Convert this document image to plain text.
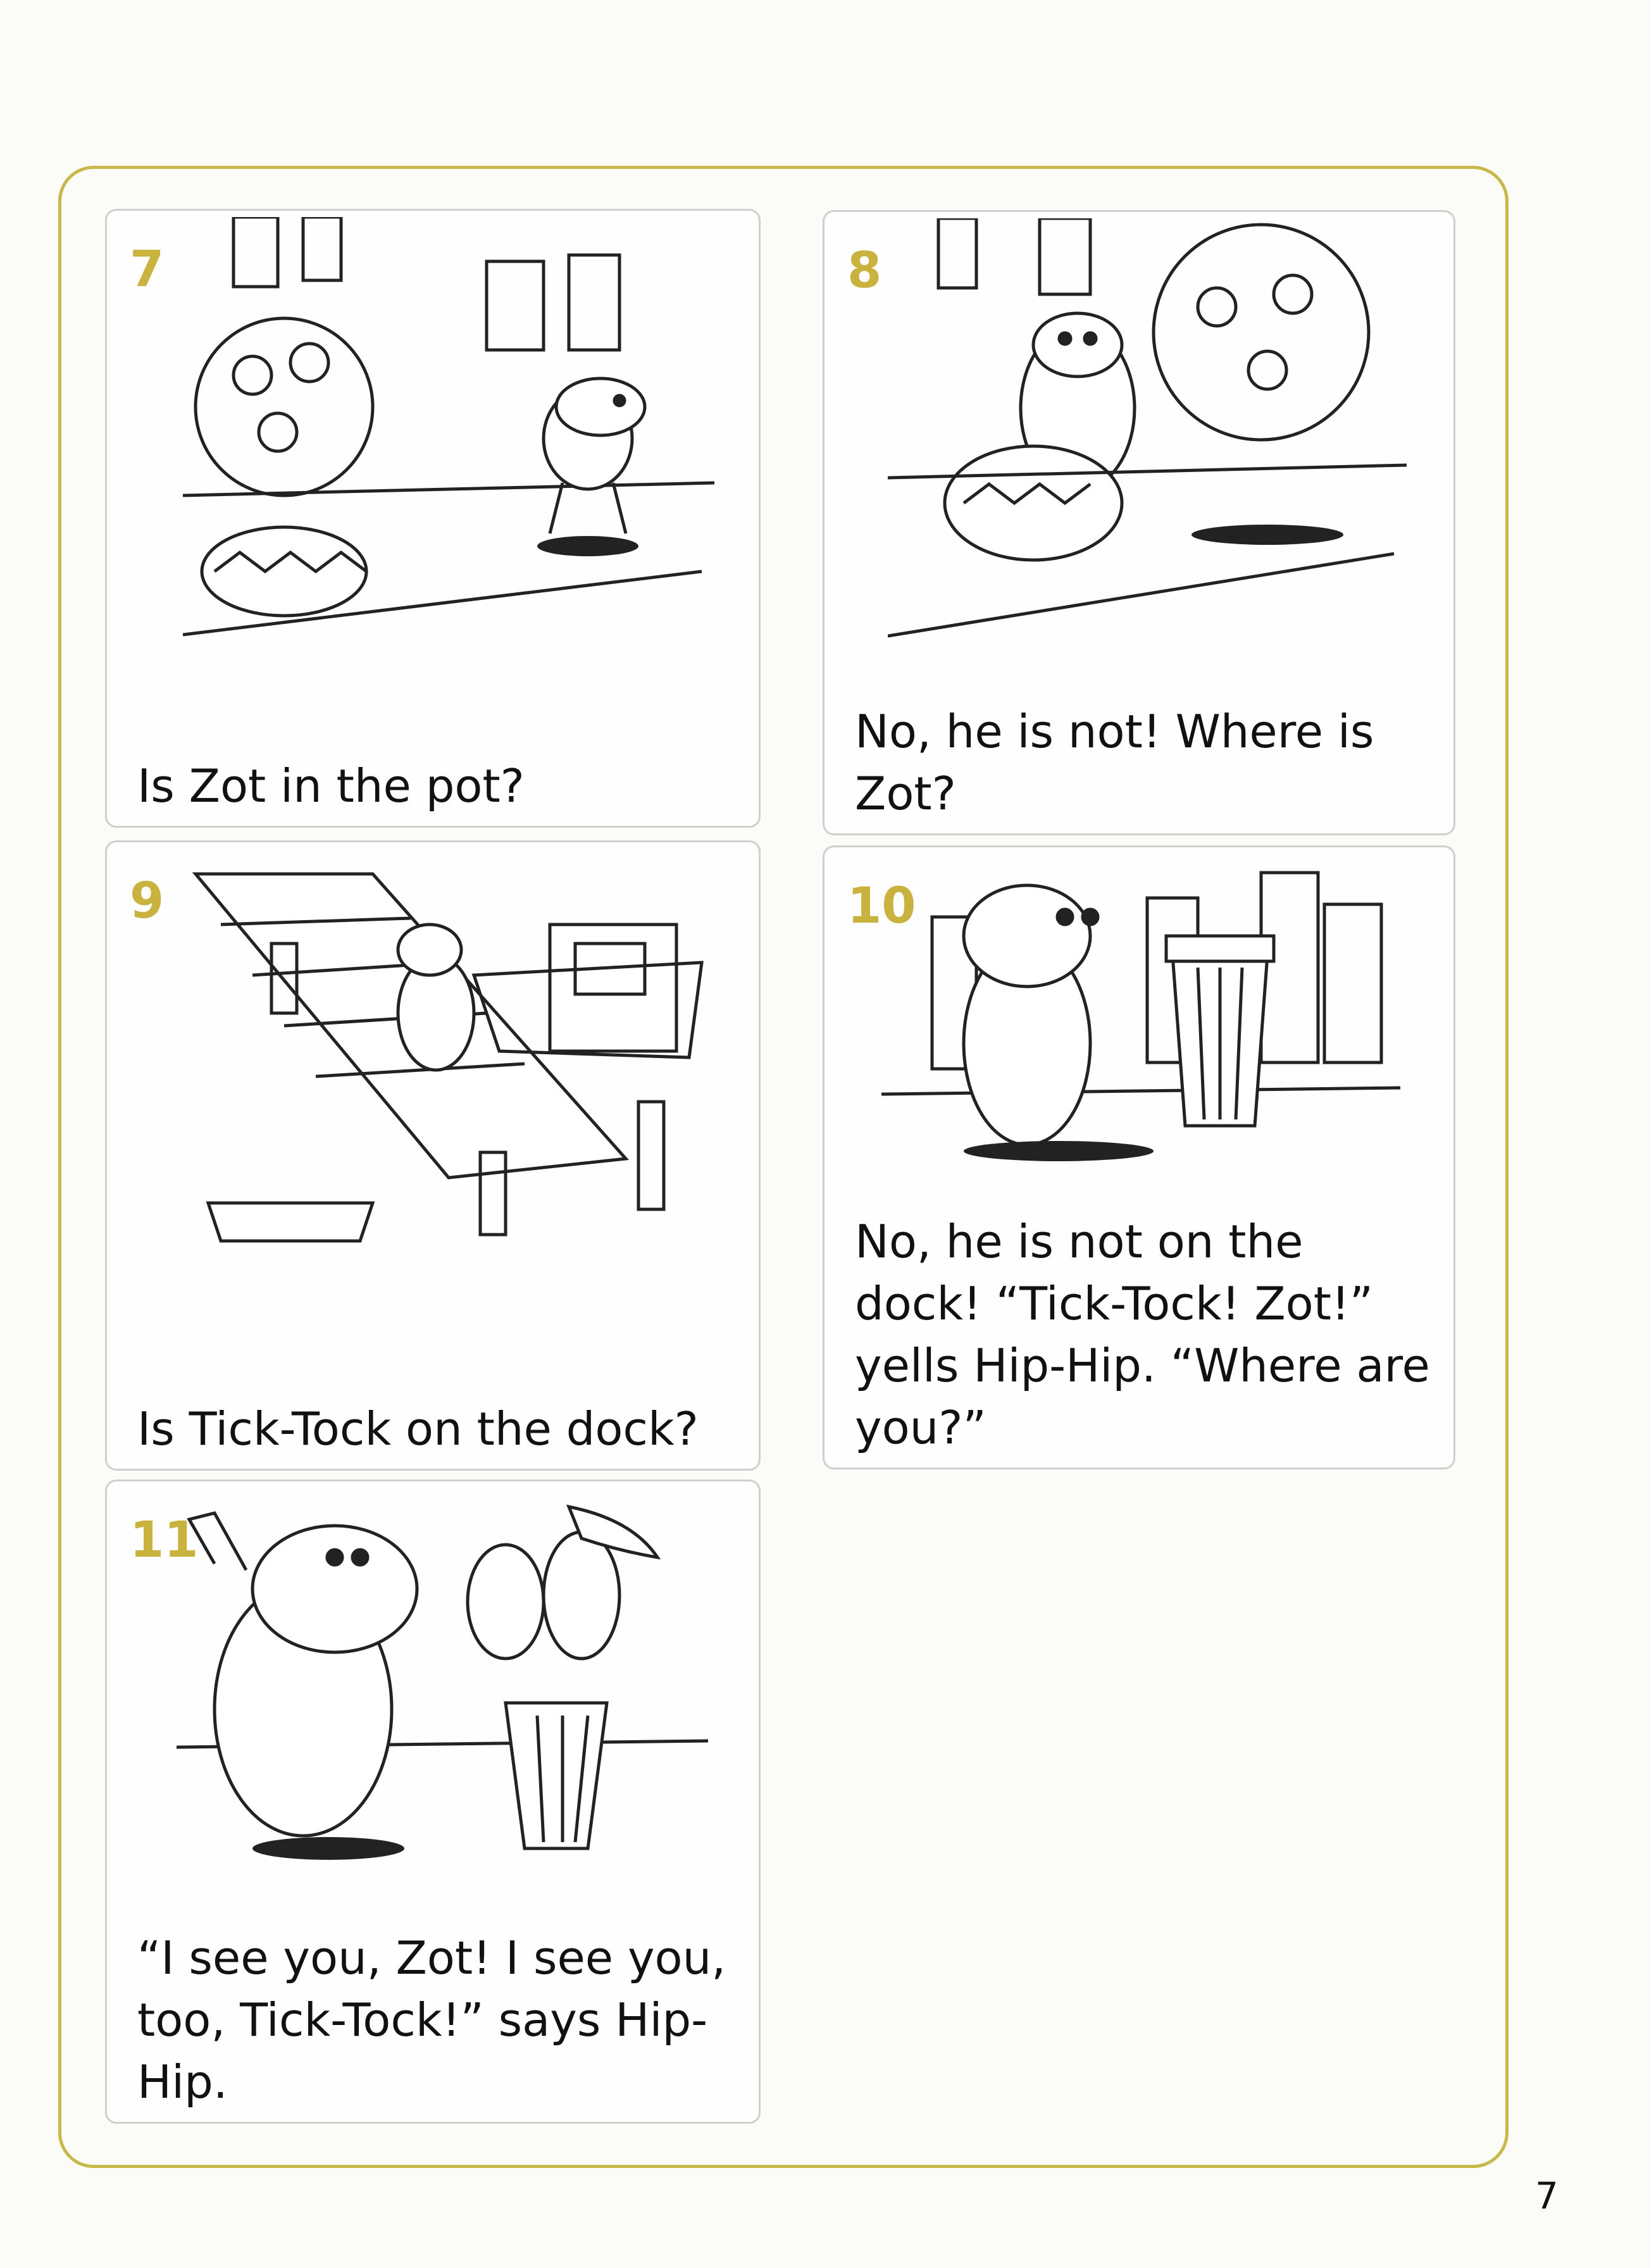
7
Is Zot in the pot?
8
No, he is not! Where is Zot?
9
Is Tick-Tock on the dock?
10
No, he is not on the dock! “Tick-Tock! Zot!” yells Hip-Hip. “Where are you?”
11
“I see you, Zot! I see you, too, Tick-Tock!” says Hip-Hip.
7
